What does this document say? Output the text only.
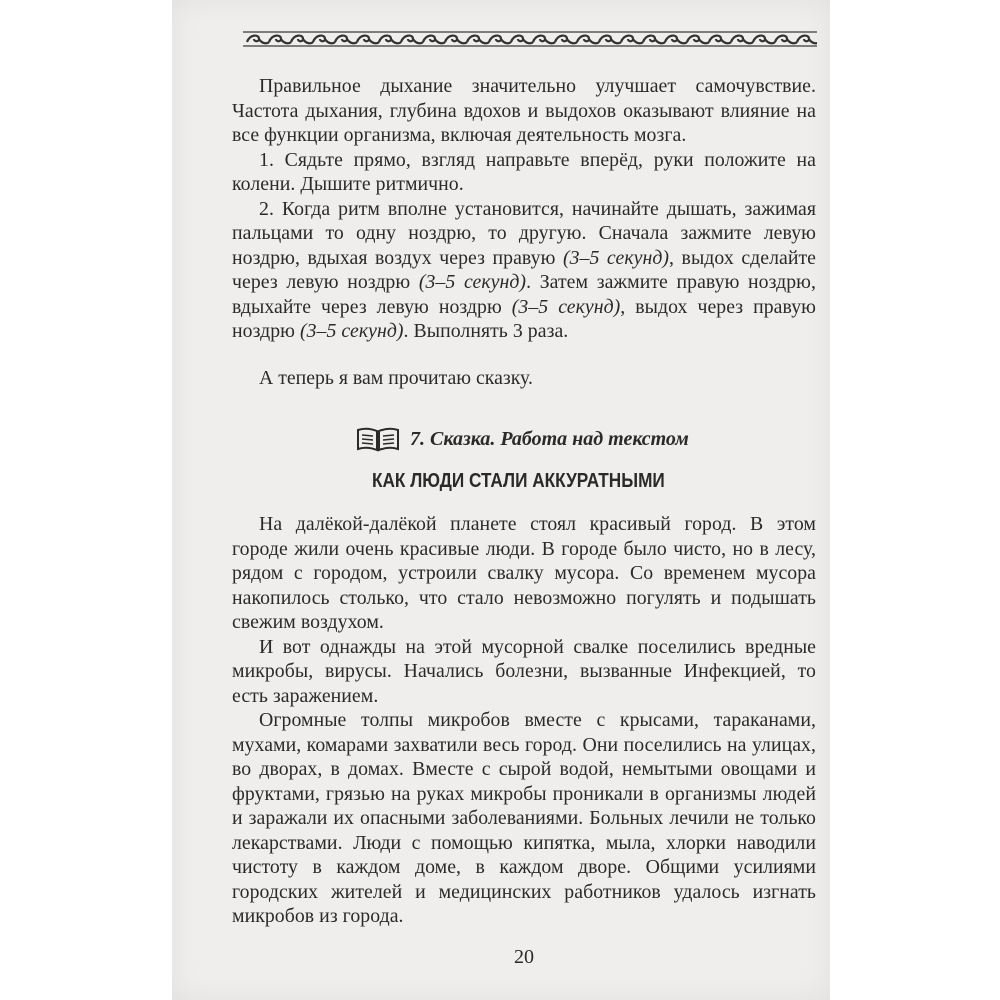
Правильное дыхание значительно улучшает самочувствие. Частота дыхания, глубина вдохов и выдохов оказывают влияние на все функции организма, включая деятельность мозга.

1. Сядьте прямо, взгляд направьте вперёд, руки положите на колени. Дышите ритмично.

2. Когда ритм вполне установится, начинайте дышать, зажимая пальцами то одну ноздрю, то другую. Сначала зажмите левую ноздрю, вдыхая воздух через правую (3–5 секунд), выдох сделайте через левую ноздрю (3–5 секунд). Затем зажмите правую ноздрю, вдыхайте через левую ноздрю (3–5 секунд), выдох через правую ноздрю (3–5 секунд). Выполнять 3 раза.

А теперь я вам прочитаю сказку.
7. Сказка. Работа над текстом
КАК ЛЮДИ СТАЛИ АККУРАТНЫМИ

На далёкой-далёкой планете стоял красивый город. В этом городе жили очень красивые люди. В городе было чисто, но в лесу, рядом с городом, устроили свалку мусора. Со временем мусора накопилось столько, что стало невозможно погулять и подышать свежим воздухом.

И вот однажды на этой мусорной свалке поселились вредные микробы, вирусы. Начались болезни, вызванные Инфекцией, то есть заражением.

Огромные толпы микробов вместе с крысами, тараканами, мухами, комарами захватили весь город. Они поселились на улицах, во дворах, в домах. Вместе с сырой водой, немытыми овощами и фруктами, грязью на руках микробы проникали в организмы людей и заражали их опасными заболеваниями. Больных лечили не только лекарствами. Люди с помощью кипятка, мыла, хлорки наводили чистоту в каждом доме, в каждом дворе. Общими усилиями городских жителей и медицинских работников удалось изгнать микробов из города.

20
